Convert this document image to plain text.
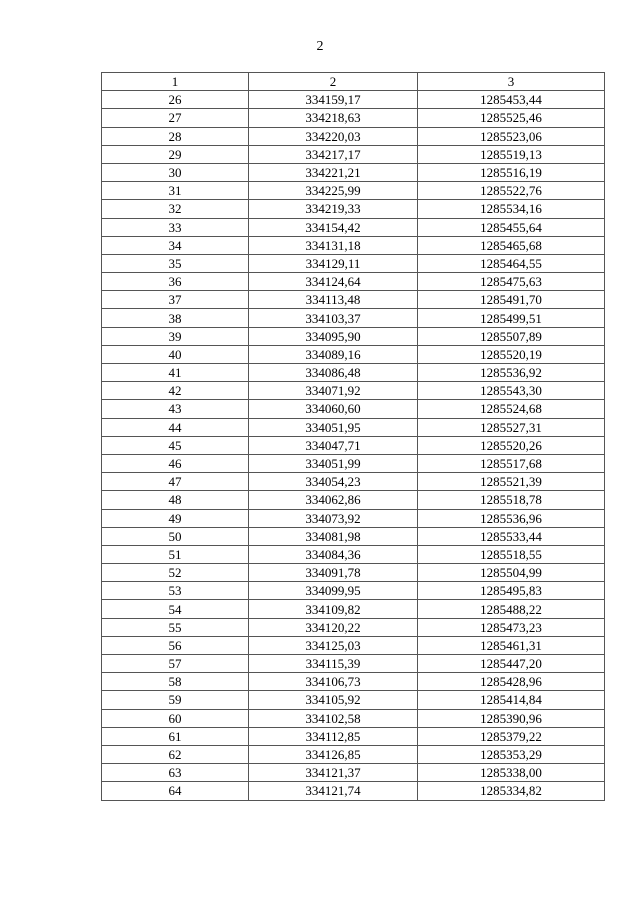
2
1	2	3
26	334159,17	1285453,44
27	334218,63	1285525,46
28	334220,03	1285523,06
29	334217,17	1285519,13
30	334221,21	1285516,19
31	334225,99	1285522,76
32	334219,33	1285534,16
33	334154,42	1285455,64
34	334131,18	1285465,68
35	334129,11	1285464,55
36	334124,64	1285475,63
37	334113,48	1285491,70
38	334103,37	1285499,51
39	334095,90	1285507,89
40	334089,16	1285520,19
41	334086,48	1285536,92
42	334071,92	1285543,30
43	334060,60	1285524,68
44	334051,95	1285527,31
45	334047,71	1285520,26
46	334051,99	1285517,68
47	334054,23	1285521,39
48	334062,86	1285518,78
49	334073,92	1285536,96
50	334081,98	1285533,44
51	334084,36	1285518,55
52	334091,78	1285504,99
53	334099,95	1285495,83
54	334109,82	1285488,22
55	334120,22	1285473,23
56	334125,03	1285461,31
57	334115,39	1285447,20
58	334106,73	1285428,96
59	334105,92	1285414,84
60	334102,58	1285390,96
61	334112,85	1285379,22
62	334126,85	1285353,29
63	334121,37	1285338,00
64	334121,74	1285334,82
